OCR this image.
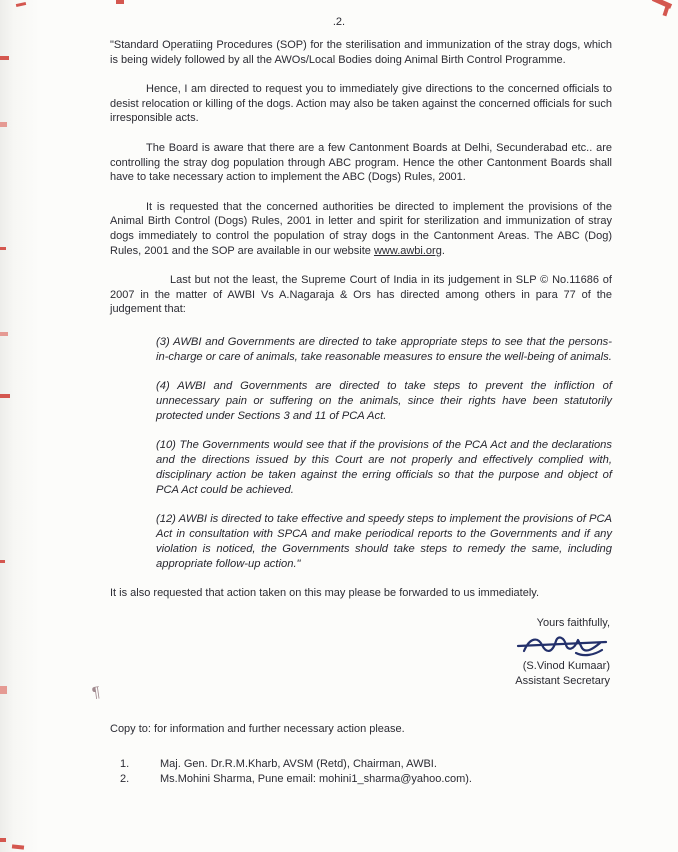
¶
.2.

"Standard Operatiing Procedures (SOP) for the sterilisation and immunization of the stray dogs, which is being widely followed by all the AWOs/Local Bodies doing Animal Birth Control Programme.

Hence, I am directed to request you to immediately give directions to the concerned officials to desist relocation or killing of the dogs. Action may also be taken against the concerned officials for such irresponsible acts.

The Board is aware that there are a few Cantonment Boards at Delhi, Secunderabad etc.. are controlling the stray dog population through ABC program. Hence the other Cantonment Boards shall have to take necessary action to implement the ABC (Dogs) Rules, 2001.

It is requested that the concerned authorities be directed to implement the provisions of the Animal Birth Control (Dogs) Rules, 2001 in letter and spirit for sterilization and immunization of stray dogs immediately to control the population of stray dogs in the Cantonment Areas. The ABC (Dog) Rules, 2001 and the SOP are available in our website www.awbi.org.

Last but not the least, the Supreme Court of India in its judgement in SLP © No.11686 of 2007 in the matter of AWBI Vs A.Nagaraja & Ors has directed among others in para 77 of the judgement that:

(3) AWBI and Governments are directed to take appropriate steps to see that the persons-in-charge or care of animals, take reasonable measures to ensure the well-being of animals.

(4) AWBI and Governments are directed to take steps to prevent the infliction of unnecessary pain or suffering on the animals, since their rights have been statutorily protected under Sections 3 and 11 of PCA Act.

(10) The Governments would see that if the provisions of the PCA Act and the declarations and the directions issued by this Court are not properly and effectively complied with, disciplinary action be taken against the erring officials so that the purpose and object of PCA Act could be achieved.

(12) AWBI is directed to take effective and speedy steps to implement the provisions of PCA Act in consultation with SPCA and make periodical reports to the Governments and if any violation is noticed, the Governments should take steps to remedy the same, including appropriate follow-up action."

It is also requested that action taken on this may please be forwarded to us immediately.

Yours faithfully,
(S.Vinod Kumaar)
Assistant Secretary

Copy to: for information and further necessary action please.

1.	Maj. Gen. Dr.R.M.Kharb, AVSM (Retd), Chairman, AWBI.
2.	Ms.Mohini Sharma, Pune email: mohini1_sharma@yahoo.com).
